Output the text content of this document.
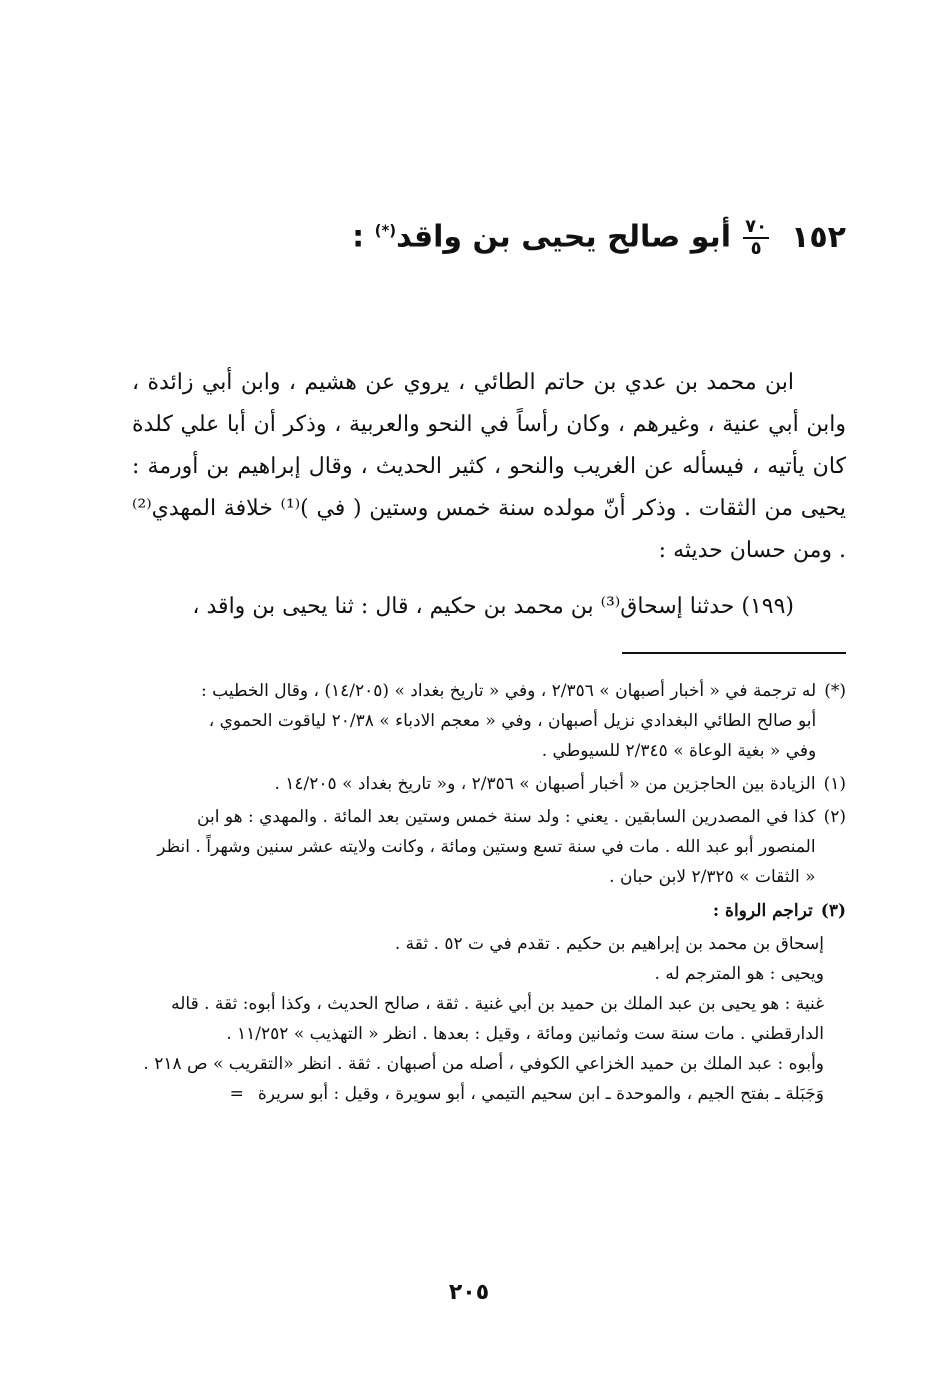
١٥٢
$\frac{٧٠}{٥}$
أبو صالح يحيى بن واقد(*) :

ابن محمد بن عدي بن حاتم الطائي ، يروي عن هشيم ، وابن أبي زائدة ، وابن أبي عنية ، وغيرهم ، وكان رأساً في النحو والعربية ، وذكر أن أبا علي كلدة كان يأتيه ، فيسأله عن الغريب والنحو ، كثير الحديث ، وقال إبراهيم بن أورمة : يحيى من الثقات . وذكر أنّ مولده سنة خمس وستين ( في )⁽¹⁾ خلافة المهدي⁽²⁾ . ومن حسان حديثه :

(١٩٩) حدثنا إسحاق⁽³⁾ بن محمد بن حكيم ، قال : ثنا يحيى بن واقد ،

(*)
له ترجمة في « أخبار أصبهان » ٢/٣٥٦ ، وفي « تاريخ بغداد » (١٤/٢٠٥) ، وقال الخطيب :
أبو صالح الطائي البغدادي نزيل أصبهان ، وفي « معجم الادباء » ٢٠/٣٨ لياقوت الحموي ،
وفي « بغية الوعاة » ٢/٣٤٥ للسيوطي .
(١)
الزيادة بين الحاجزين من « أخبار أصبهان » ٢/٣٥٦ ، و« تاريخ بغداد » ١٤/٢٠٥ .
(٢)
كذا في المصدرين السابقين . يعني : ولد سنة خمس وستين بعد المائة . والمهدي : هو ابن
المنصور أبو عبد الله . مات في سنة تسع وستين ومائة ، وكانت ولايته عشر سنين وشهراً . انظر
« الثقات » ٢/٣٢٥ لابن حبان .
(٣)
تراجم الرواة :
إسحاق بن محمد بن إبراهيم بن حكيم . تقدم في ت ٥٢ . ثقة .
ويحيى : هو المترجم له .
غنية : هو يحيى بن عبد الملك بن حميد بن أبي غنية . ثقة ، صالح الحديث ، وكذا أبوه: ثقة . قاله الدارقطني . مات سنة ست وثمانين ومائة ، وقيل : بعدها . انظر « التهذيب » ١١/٢٥٢ .
وأبوه : عبد الملك بن حميد الخزاعي الكوفي ، أصله من أصبهان . ثقة . انظر «التقريب » ص ٢١٨ .
وَجَبَلة ـ بفتح الجيم ، والموحدة ـ ابن سحيم التيمي ، أبو سويرة ، وقيل : أبو سريرة=
٢٠٥
